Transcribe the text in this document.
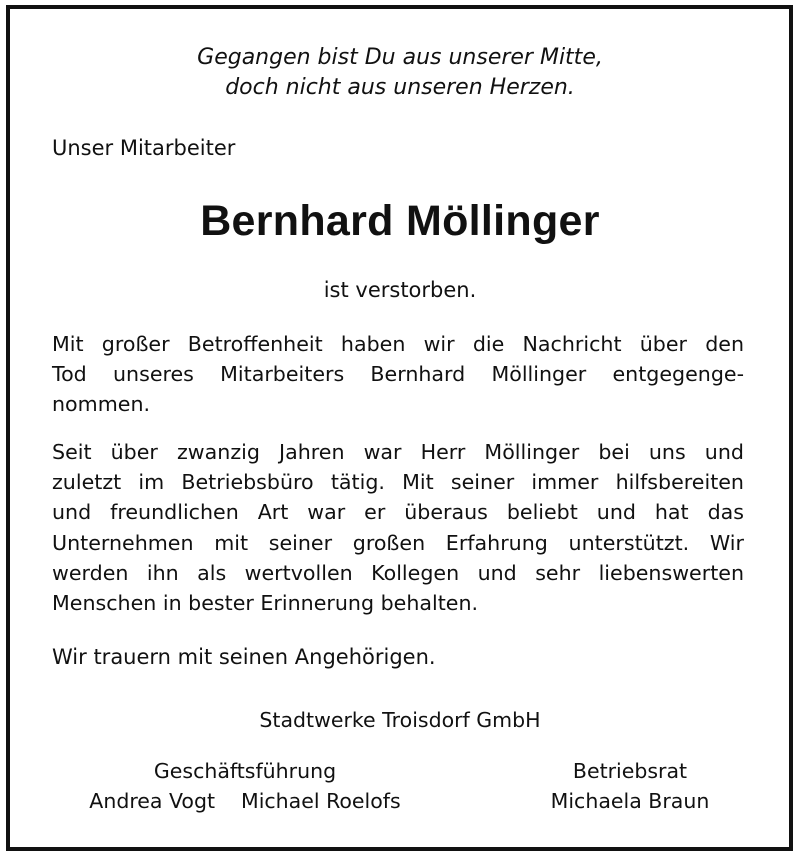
Gegangen bist Du aus unserer Mitte,
doch nicht aus unseren Herzen.
Unser Mitarbeiter
Bernhard Möllinger
ist verstorben.
Mit großer Betroffenheit haben wir die Nachricht über den
Tod unseres Mitarbeiters Bernhard Möllinger entgegenge-
nommen.
Seit über zwanzig Jahren war Herr Möllinger bei uns und
zuletzt im Betriebsbüro tätig. Mit seiner immer hilfsbereiten
und freundlichen Art war er überaus beliebt und hat das
Unternehmen mit seiner großen Erfahrung unterstützt. Wir
werden ihn als wertvollen Kollegen und sehr liebenswerten
Menschen in bester Erinnerung behalten.
Wir trauern mit seinen Angehörigen.
Stadtwerke Troisdorf GmbH
Geschäftsführung
Andrea Vogt Michael Roelofs
Betriebsrat
Michaela Braun
